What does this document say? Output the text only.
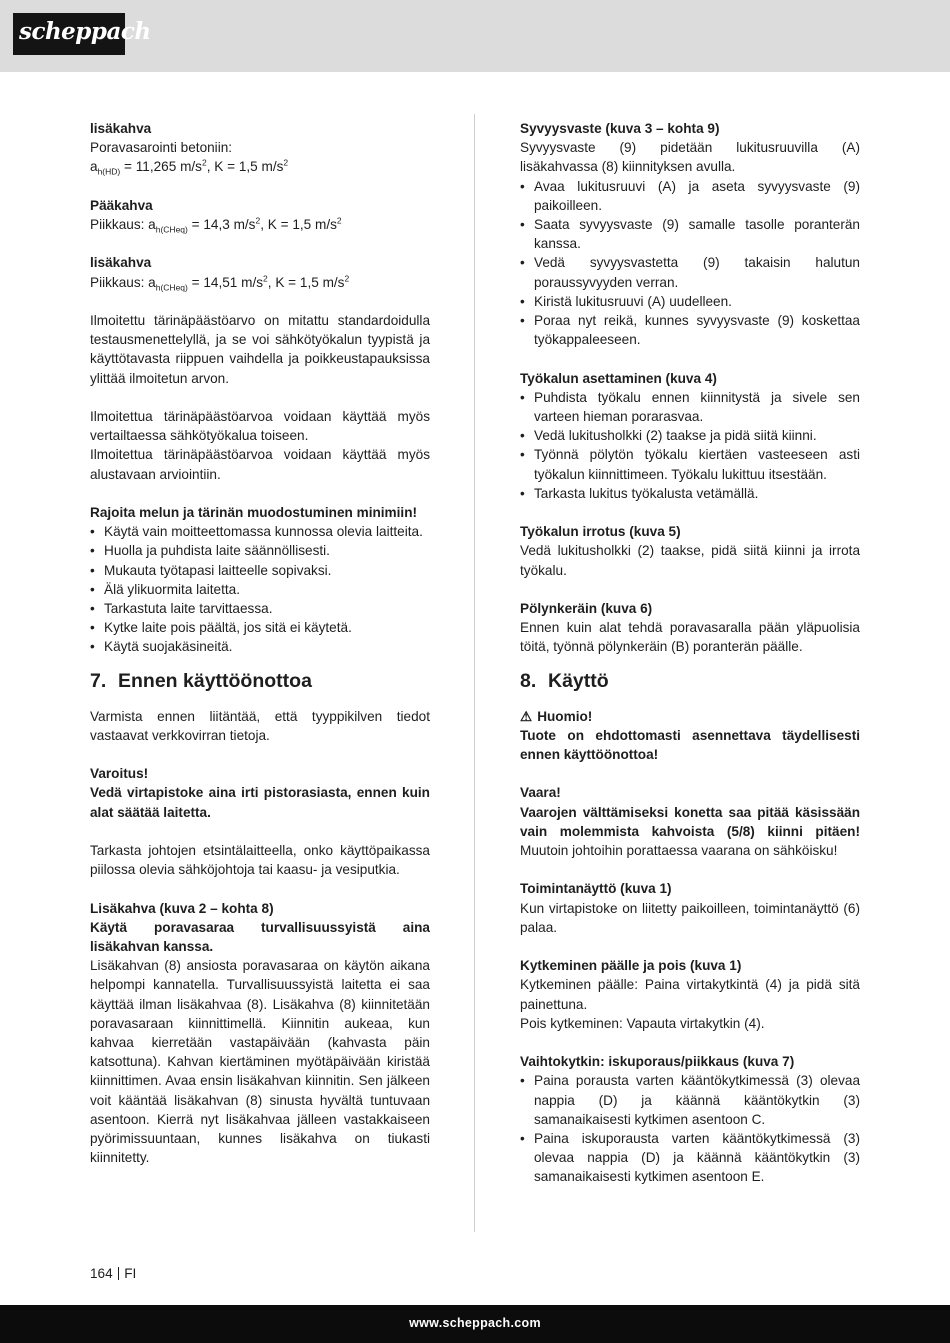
scheppach

lisäkahva

Poravasarointi betoniin:

$a_{h(HD)} = 11,265$ $m/s^2$, K = 1,5 $m/s^2$

Pääkahva

Piikkaus: $a_{h(CHeq)} = 14,3$ $m/s^2$, K = 1,5 $m/s^2$

lisäkahva

Piikkaus: $a_{h(CHeq)} = 14,51$ $m/s^2$, K = 1,5 $m/s^2$

Ilmoitettu tärinäpäästöarvo on mitattu standardoidulla testausmenettelyllä, ja se voi sähkötyökalun tyypistä ja käyttötavasta riippuen vaihdella ja poikkeustapauksissa ylittää ilmoitetun arvon.

Ilmoitettua tärinäpäästöarvoa voidaan käyttää myös vertailtaessa sähkötyökalua toiseen.

Ilmoitettua tärinäpäästöarvoa voidaan käyttää myös alustavaan arviointiin.

Rajoita melun ja tärinän muodostuminen minimiin!

• Käytä vain moitteettomassa kunnossa olevia laitteita.
• Huolla ja puhdista laite säännöllisesti.
• Mukauta työtapasi laitteelle sopivaksi.
• Älä ylikuormita laitetta.
• Tarkastuta laite tarvittaessa.
• Kytke laite pois päältä, jos sitä ei käytetä.
• Käytä suojakäsineitä.
7. Ennen käyttöönottoa

Varmista ennen liitäntää, että tyyppikilven tiedot vastaavat verkkovirran tietoja.

Varoitus!

Vedä virtapistoke aina irti pistorasiasta, ennen kuin alat säätää laitetta.

Tarkasta johtojen etsintälaitteella, onko käyttöpaikassa piilossa olevia sähköjohtoja tai kaasu- ja vesiputkia.

Lisäkahva (kuva 2 – kohta 8)

Käytä poravasaraa turvallisuussyistä aina lisäkahvan kanssa.

Lisäkahvan (8) ansiosta poravasaraa on käytön aikana helpompi kannatella. Turvallisuussyistä laitetta ei saa käyttää ilman lisäkahvaa (8). Lisäkahva (8) kiinnitetään poravasaraan kiinnittimellä. Kiinnitin aukeaa, kun kahvaa kierretään vastapäivään (kahvasta päin katsottuna). Kahvan kiertäminen myötäpäivään kiristää kiinnittimen. Avaa ensin lisäkahvan kiinnitin. Sen jälkeen voit kääntää lisäkahvan (8) sinusta hyvältä tuntuvaan asentoon. Kierrä nyt lisäkahvaa jälleen vastakkaiseen pyörimissuuntaan, kunnes lisäkahva on tiukasti kiinnitetty.

Syvyysvaste (kuva 3 – kohta 9)

Syvyysvaste (9) pidetään lukitusruuvilla (A) lisäkahvassa (8) kiinnityksen avulla.

• Avaa lukitusruuvi (A) ja aseta syvyysvaste (9) paikoilleen.
• Saata syvyysvaste (9) samalle tasolle poranterän kanssa.
• Vedä syvyysvastetta (9) takaisin halutun poraussyvyyden verran.
• Kiristä lukitusruuvi (A) uudelleen.
• Poraa nyt reikä, kunnes syvyysvaste (9) koskettaa työkappaleeseen.

Työkalun asettaminen (kuva 4)

• Puhdista työkalu ennen kiinnitystä ja sivele sen varteen hieman porarasvaa.
• Vedä lukitusholkki (2) taakse ja pidä siitä kiinni.
• Työnnä pölytön työkalu kiertäen vasteeseen asti työkalun kiinnittimeen. Työkalu lukittuu itsestään.
• Tarkasta lukitus työkalusta vetämällä.

Työkalun irrotus (kuva 5)

Vedä lukitusholkki (2) taakse, pidä siitä kiinni ja irrota työkalu.

Pölynkeräin (kuva 6)

Ennen kuin alat tehdä poravasaralla pään yläpuolisia töitä, työnnä pölynkeräin (B) poranterän päälle.

8. Käyttö

⚠ Huomio!

Tuote on ehdottomasti asennettava täydellisesti ennen käyttöönottoa!

Vaara!

Vaarojen välttämiseksi konetta saa pitää käsissään vain molemmista kahvoista (5/8) kiinni pitäen! Muutoin johtoihin porattaessa vaarana on sähköisku!

Toimintanäyttö (kuva 1)

Kun virtapistoke on liitetty paikoilleen, toimintanäyttö (6) palaa.

Kytkeminen päälle ja pois (kuva 1)

Kytkeminen päälle: Paina virtakytkintä (4) ja pidä sitä painettuna.

Pois kytkeminen: Vapauta virtakytkin (4).

Vaihtokytkin: iskuporaus/piikkaus (kuva 7)

• Paina porausta varten kääntökytkimessä (3) olevaa nappia (D) ja käännä kääntökytkin (3) samanaikaisesti kytkimen asentoon C.
• Paina iskuporausta varten kääntökytkimessä (3) olevaa nappia (D) ja käännä kääntökytkin (3) samanaikaisesti kytkimen asentoon E.
164 FI
www.scheppach.com
